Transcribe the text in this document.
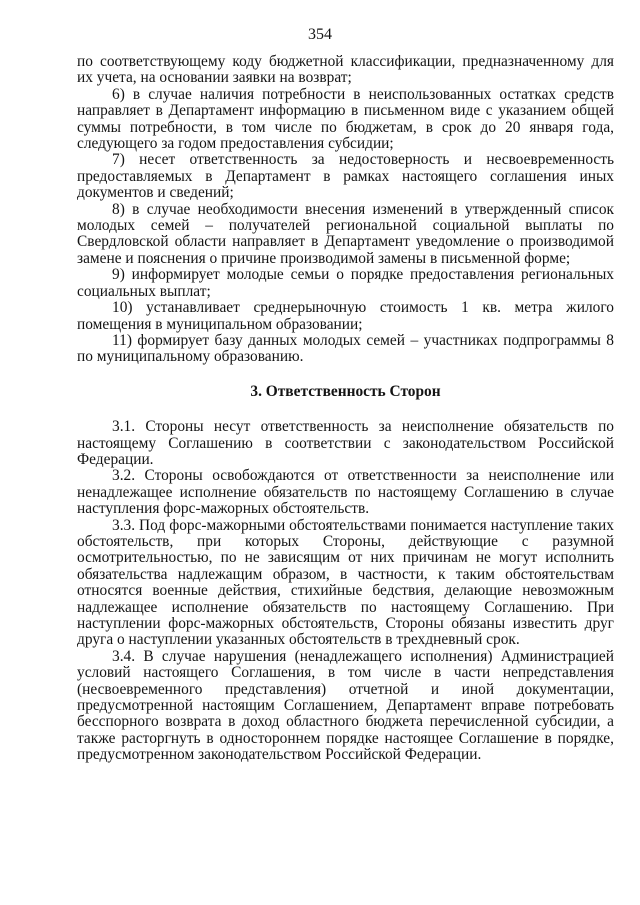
354

по соответствующему коду бюджетной классификации, предназначенному для их учета, на основании заявки на возврат;

6) в случае наличия потребности в неиспользованных остатках средств направляет в Департамент информацию в письменном виде с указанием общей суммы потребности, в том числе по бюджетам, в срок до 20 января года, следующего за годом предоставления субсидии;

7) несет ответственность за недостоверность и несвоевременность предоставляемых в Департамент в рамках настоящего соглашения иных документов и сведений;

8) в случае необходимости внесения изменений в утвержденный список молодых семей – получателей региональной социальной выплаты по Свердловской области направляет в Департамент уведомление о производимой замене и пояснения о причине производимой замены в письменной форме;

9) информирует молодые семьи о порядке предоставления региональных социальных выплат;

10) устанавливает среднерыночную стоимость 1 кв. метра жилого помещения в муниципальном образовании;

11) формирует базу данных молодых семей – участниках подпрограммы 8 по муниципальному образованию.

3. Ответственность Сторон

3.1. Стороны несут ответственность за неисполнение обязательств по настоящему Соглашению в соответствии с законодательством Российской Федерации.

3.2. Стороны освобождаются от ответственности за неисполнение или ненадлежащее исполнение обязательств по настоящему Соглашению в случае наступления форс-мажорных обстоятельств.

3.3. Под форс-мажорными обстоятельствами понимается наступление таких обстоятельств, при которых Стороны, действующие с разумной осмотрительностью, по не зависящим от них причинам не могут исполнить обязательства надлежащим образом, в частности, к таким обстоятельствам относятся военные действия, стихийные бедствия, делающие невозможным надлежащее исполнение обязательств по настоящему Соглашению. При наступлении форс-мажорных обстоятельств, Стороны обязаны известить друг друга о наступлении указанных обстоятельств в трехдневный срок.

3.4. В случае нарушения (ненадлежащего исполнения) Администрацией условий настоящего Соглашения, в том числе в части непредставления (несвоевременного представления) отчетной и иной документации, предусмотренной настоящим Соглашением, Департамент вправе потребовать бесспорного возврата в доход областного бюджета перечисленной субсидии, а также расторгнуть в одностороннем порядке настоящее Соглашение в порядке, предусмотренном законодательством Российской Федерации.
